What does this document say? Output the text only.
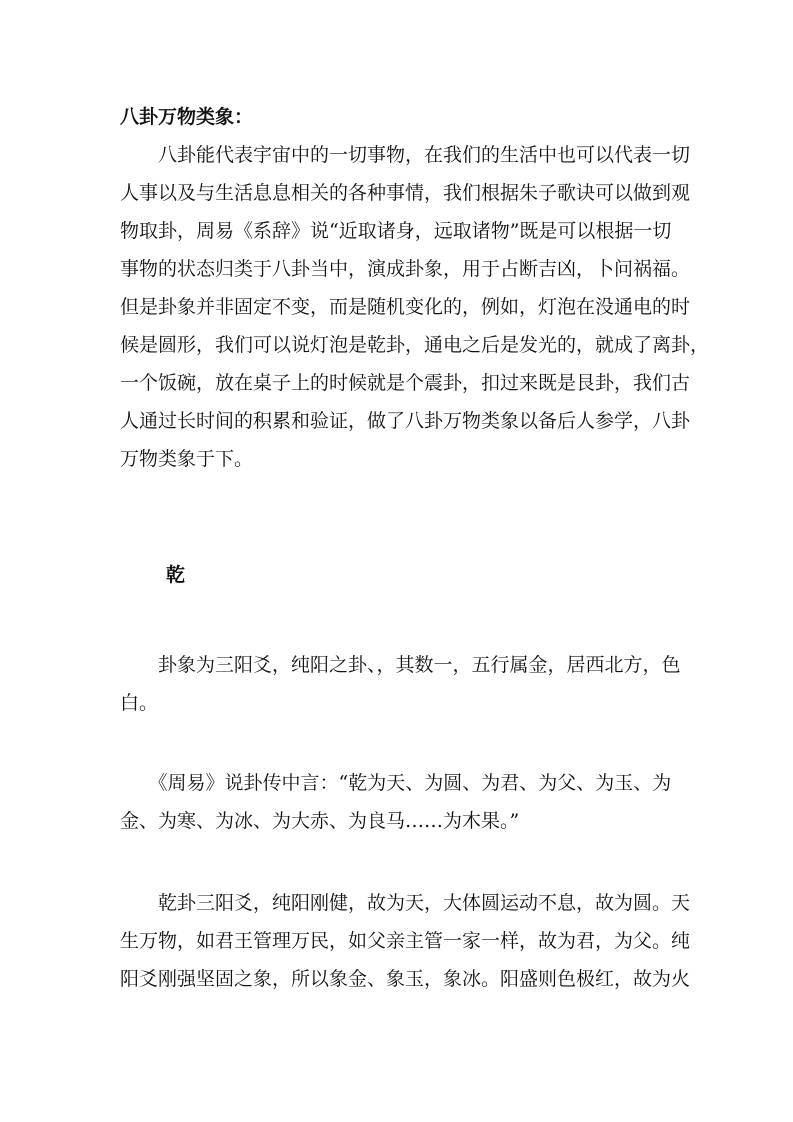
八卦万物类象：

　　八卦能代表宇宙中的一切事物，在我们的生活中也可以代表一切
人事以及与生活息息相关的各种事情，我们根据朱子歌诀可以做到观
物取卦，周易《系辞》说“近取诸身，远取诸物”既是可以根据一切
事物的状态归类于八卦当中，演成卦象，用于占断吉凶，卜问祸福。
但是卦象并非固定不变，而是随机变化的，例如，灯泡在没通电的时
候是圆形，我们可以说灯泡是乾卦，通电之后是发光的，就成了离卦，
一个饭碗，放在桌子上的时候就是个震卦，扣过来既是艮卦，我们古
人通过长时间的积累和验证，做了八卦万物类象以备后人参学，八卦
万物类象于下。

乾

　　卦象为三阳爻，纯阳之卦、，其数一，五行属金，居西北方，色
白。

　　《周易》说卦传中言：“乾为天、为圆、为君、为父、为玉、为
金、为寒、为冰、为大赤、为良马……为木果。”

　　乾卦三阳爻，纯阳刚健，故为天，大体圆运动不息，故为圆。天
生万物，如君王管理万民，如父亲主管一家一样，故为君，为父。纯
阳爻刚强坚固之象，所以象金、象玉，象冰。阳盛则色极红，故为火
